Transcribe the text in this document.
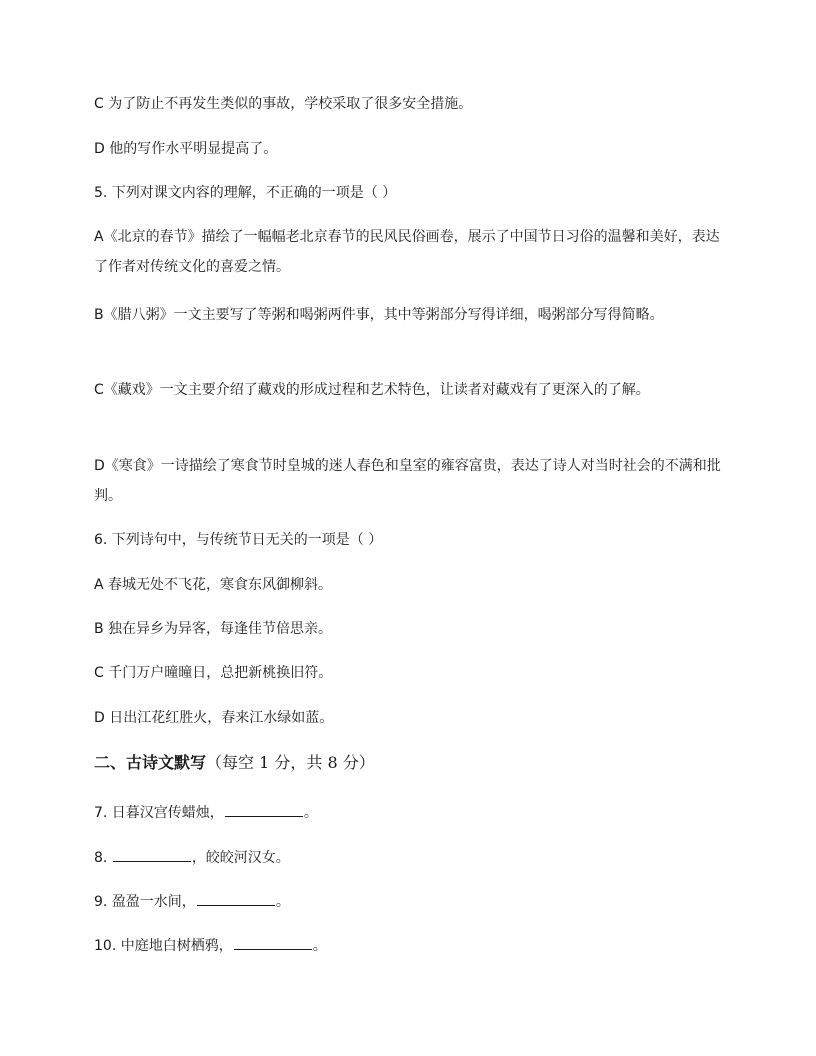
C 为了防止不再发生类似的事故，学校采取了很多安全措施。

D 他的写作水平明显提高了。

5. 下列对课文内容的理解，不正确的一项是（ ）

A《北京的春节》描绘了一幅幅老北京春节的民风民俗画卷，展示了中国节日习俗的温馨和美好，表达了作者对传统文化的喜爱之情。

B《腊八粥》一文主要写了等粥和喝粥两件事，其中等粥部分写得详细，喝粥部分写得简略。

C《藏戏》一文主要介绍了藏戏的形成过程和艺术特色，让读者对藏戏有了更深入的了解。

D《寒食》一诗描绘了寒食节时皇城的迷人春色和皇室的雍容富贵，表达了诗人对当时社会的不满和批判。

6. 下列诗句中，与传统节日无关的一项是（ ）

A 春城无处不飞花，寒食东风御柳斜。

B 独在异乡为异客，每逢佳节倍思亲。

C 千门万户曈曈日，总把新桃换旧符。

D 日出江花红胜火，春来江水绿如蓝。

二、古诗文默写（每空 1 分，共 8 分）

7. 日暮汉宫传蜡烛，	。

8.	，皎皎河汉女。

9. 盈盈一水间，	。

10. 中庭地白树栖鸦，	。
